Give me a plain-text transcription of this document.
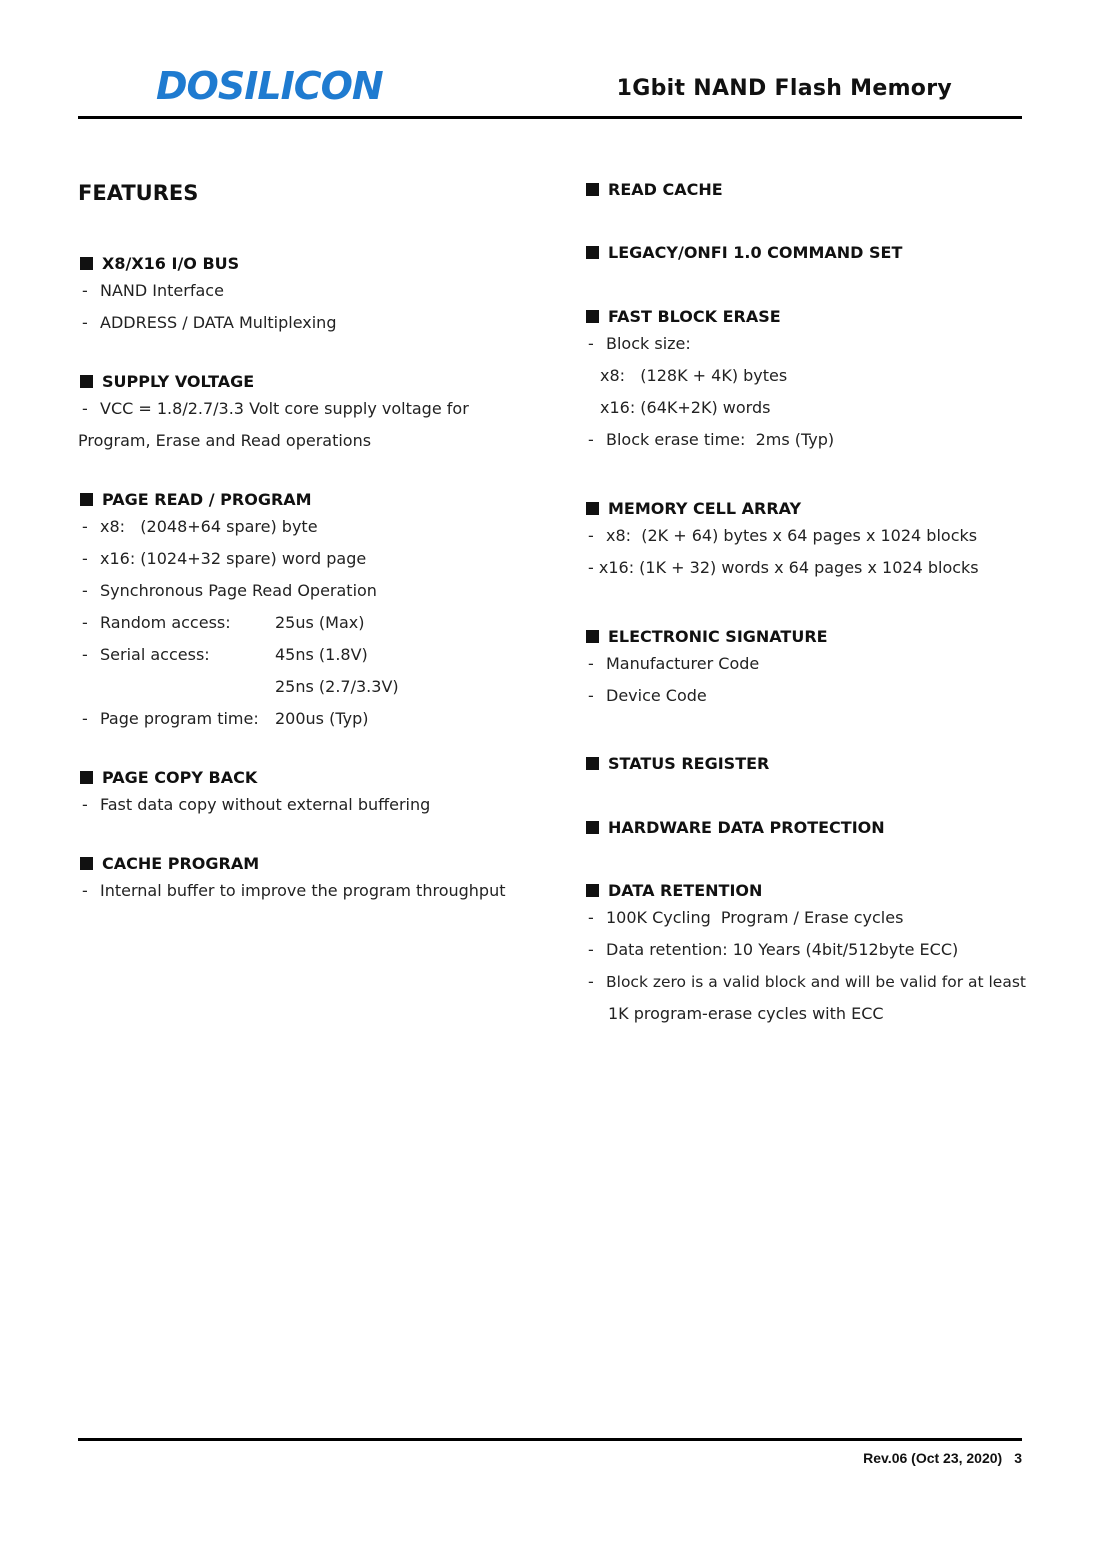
DOSILICON	1Gbit NAND Flash Memory
FEATURES
X8/X16 I/O BUS
- NAND Interface
- ADDRESS / DATA Multiplexing
SUPPLY VOLTAGE
- VCC = 1.8/2.7/3.3 Volt core supply voltage for
Program, Erase and Read operations
PAGE READ / PROGRAM
- x8:   (2048+64 spare) byte
- x16: (1024+32 spare) word page
- Synchronous Page Read Operation
- Random access:	25us (Max)
- Serial access:	45ns (1.8V)
25ns (2.7/3.3V)
- Page program time: 200us (Typ)
PAGE COPY BACK
- Fast data copy without external buffering
CACHE PROGRAM
- Internal buffer to improve the program throughput
READ CACHE
LEGACY/ONFI 1.0 COMMAND SET
FAST BLOCK ERASE
- Block size:
x8:   (128K + 4K) bytes
x16: (64K+2K) words
- Block erase time:  2ms (Typ)
MEMORY CELL ARRAY
- x8:  (2K + 64) bytes x 64 pages x 1024 blocks
- x16: (1K + 32) words x 64 pages x 1024 blocks
ELECTRONIC SIGNATURE
- Manufacturer Code
- Device Code
STATUS REGISTER
HARDWARE DATA PROTECTION
DATA RETENTION
- 100K Cycling  Program / Erase cycles
- Data retention: 10 Years (4bit/512byte ECC)
- Block zero is a valid block and will be valid for at least
1K program-erase cycles with ECC
Rev.06 (Oct 23, 2020) 3
